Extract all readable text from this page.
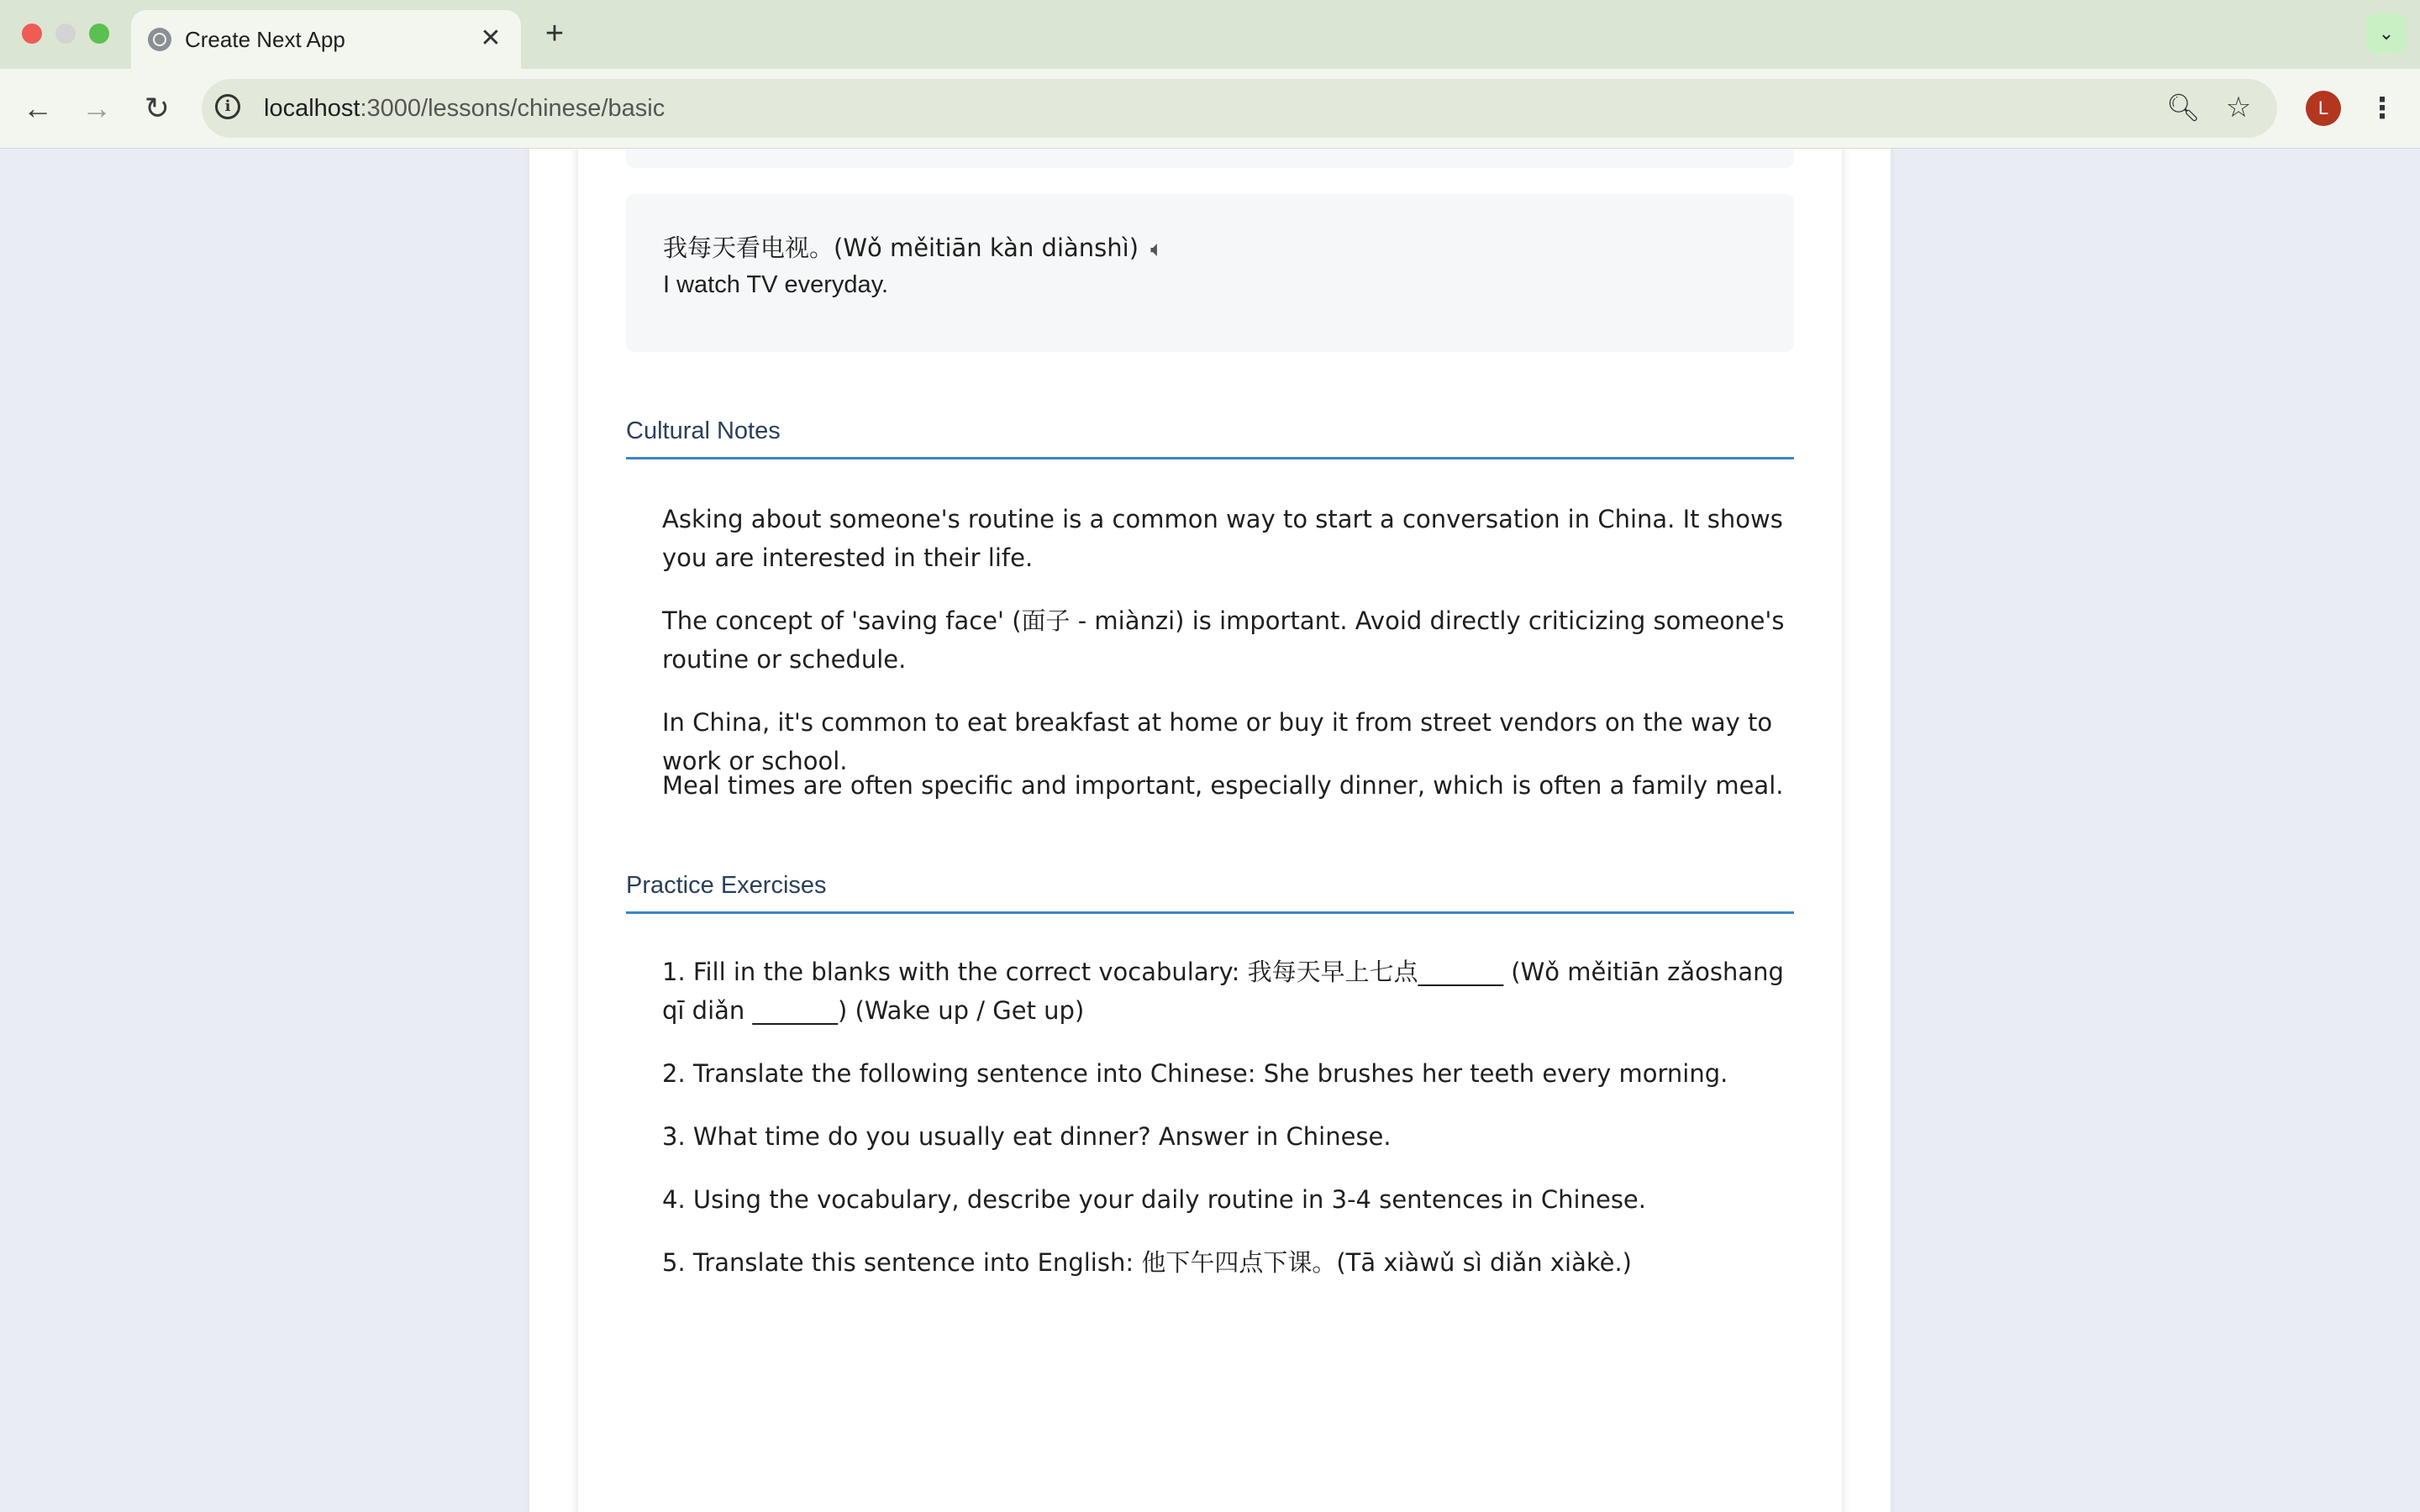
Create Next App	✕ +	⌄
← → ↻	i	localhost:3000/lessons/chinese/basic	🔍︎ ☆	L	⋮
我每天看电视。(Wǒ měitiān kàn diànshì) 🔈︎
I watch TV everyday.
Cultural Notes
Asking about someone's routine is a common way to start a conversation in China. It shows you are interested in their life.
The concept of 'saving face' (面子 - miànzi) is important. Avoid directly criticizing someone's routine or schedule.
In China, it's common to eat breakfast at home or buy it from street vendors on the way to work or school.
Meal times are often specific and important, especially dinner, which is often a family meal.
Practice Exercises
1. Fill in the blanks with the correct vocabulary: 我每天早上七点_______ (Wǒ měitiān zǎoshang qī diǎn _______) (Wake up / Get up)
2. Translate the following sentence into Chinese: She brushes her teeth every morning.
3. What time do you usually eat dinner? Answer in Chinese.
4. Using the vocabulary, describe your daily routine in 3-4 sentences in Chinese.
5. Translate this sentence into English: 他下午四点下课。(Tā xiàwǔ sì diǎn xiàkè.)
